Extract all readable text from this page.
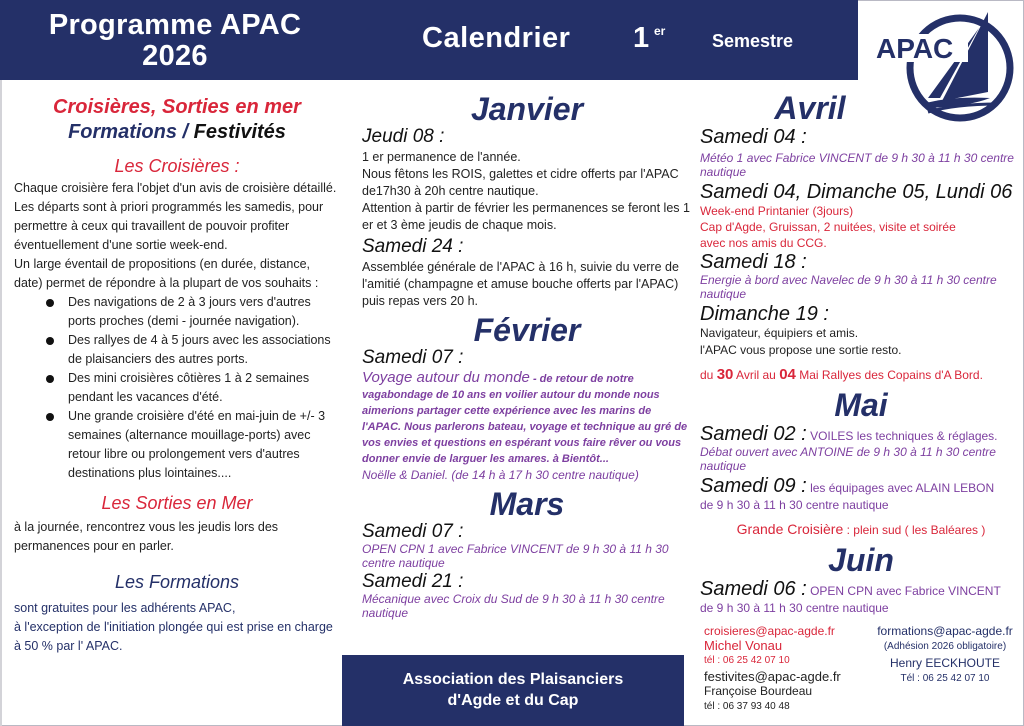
Programme APAC
2026
Calendrier 1 er	Semestre	APAC
Croisières, Sorties en mer
Formations / Festivités
Les Croisières :
Chaque croisière fera l'objet d'un avis de croisière détaillé.
Les départs sont à priori programmés les samedis, pour permettre à ceux qui travaillent de pouvoir profiter éventuellement d'une sortie week-end.
Un large éventail de propositions (en durée, distance, date) permet de répondre à la plupart de vos souhaits :
Des navigations de 2 à 3 jours vers d'autres ports proches (demi - journée navigation).
Des rallyes de 4 à 5 jours avec les associations de plaisanciers des autres ports.
Des mini croisières côtières 1 à 2 semaines pendant les vacances d'été.
Une grande croisière d'été en mai-juin de +/- 3 semaines (alternance mouillage-ports) avec retour libre ou prolongement vers d'autres destinations plus lointaines....
Les Sorties en Mer
à la journée, rencontrez vous les jeudis lors des permanences pour en parler.
Les Formations
sont gratuites pour les adhérents APAC,
à l'exception de l'initiation plongée qui est prise en charge à 50 % par l' APAC.
Janvier
Jeudi 08 :
1 er permanence de l'année.
Nous fêtons les ROIS, galettes et cidre offerts par l'APAC de17h30 à 20h centre nautique.
Attention à partir de février les permanences se feront les 1 er et 3 ème jeudis de chaque mois.
Samedi 24 :
Assemblée générale de l'APAC à 16 h, suivie du verre de l'amitié (champagne et amuse bouche offerts par l'APAC) puis repas vers 20 h.
Février
Samedi 07 :
Voyage autour du monde - de retour de notre vagabondage de 10 ans en voilier autour du monde nous aimerions partager cette expérience avec les marins de l'APAC. Nous parlerons bateau, voyage et technique au gré de vos envies et questions en espérant vous faire rêver ou vous donner envie de larguer les amares. à Bientôt...
Noëlle & Daniel. (de 14 h à 17 h 30 centre nautique)
Mars
Samedi 07 :
OPEN CPN 1 avec Fabrice VINCENT de 9 h 30 à 11 h 30 centre nautique
Samedi 21 :
Mécanique avec Croix du Sud de 9 h 30 à 11 h 30 centre nautique
Avril
Samedi 04 :
Météo 1 avec Fabrice VINCENT de 9 h 30 à 11 h 30 centre nautique
Samedi 04, Dimanche 05, Lundi 06
Week-end Printanier (3jours)
Cap d'Agde, Gruissan, 2 nuitées, visite et soirée
avec nos amis du CCG.
Samedi 18 :
Energie à bord avec Navelec de 9 h 30 à 11 h 30 centre nautique
Dimanche 19 :
Navigateur, équipiers et amis.
l'APAC vous propose une sortie resto.
du 30 Avril au 04 Mai Rallyes des Copains d'A Bord.
Mai
Samedi 02 : VOILES les techniques & réglages.
Débat ouvert avec ANTOINE de 9 h 30 à 11 h 30 centre nautique
Samedi 09 : les équipages avec ALAIN LEBON
de 9 h 30 à 11 h 30 centre nautique
Grande Croisière : plein sud ( les Baléares )
Juin
Samedi 06 : OPEN CPN avec Fabrice VINCENT
de 9 h 30 à 11 h 30 centre nautique
Association des Plaisanciers
d'Agde et du Cap
croisieres@apac-agde.fr
Michel Vonau
tél : 06 25 42 07 10
festivites@apac-agde.fr
Françoise Bourdeau
tél : 06 37 93 40 48
formations@apac-agde.fr
(Adhésion 2026 obligatoire)
Henry EECKHOUTE
Tél : 06 25 42 07 10
